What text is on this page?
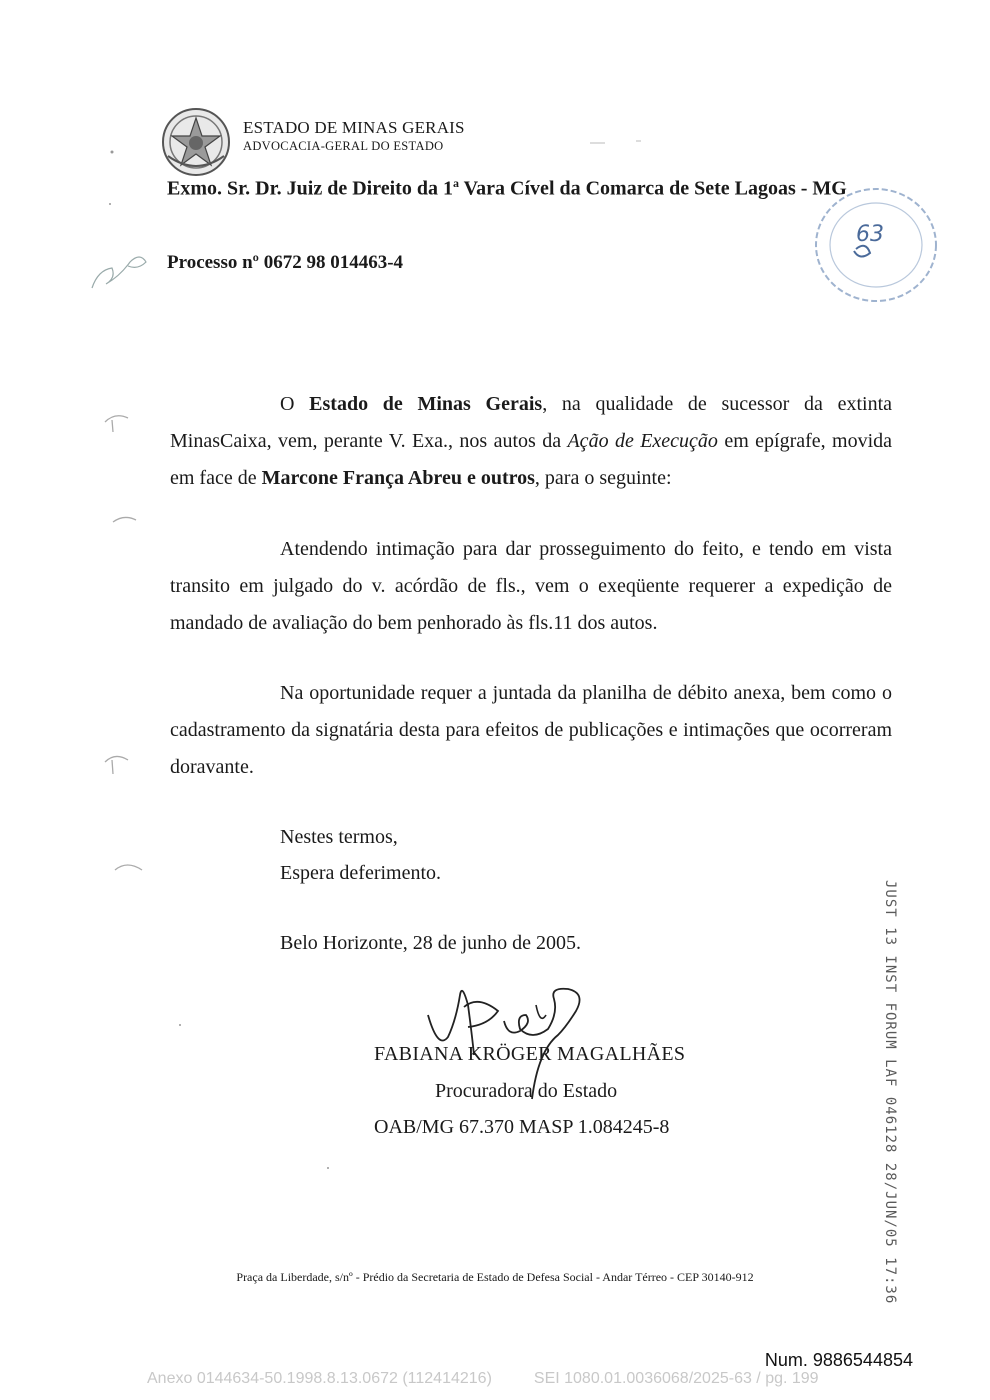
ESTADO DE MINAS GERAIS
ADVOCACIA-GERAL DO ESTADO
Exmo. Sr. Dr. Juiz de Direito da 1$^a$ Vara Cível da Comarca de Sete Lagoas - MG
Processo nº 0672 98 014463-4
63
O Estado de Minas Gerais, na qualidade de sucessor da extinta MinasCaixa, vem, perante V. Exa., nos autos da Ação de Execução em epígrafe, movida em face de Marcone França Abreu e outros, para o seguinte:
Atendendo intimação para dar prosseguimento do feito, e tendo em vista transito em julgado do v. acórdão de fls., vem o exeqüente requerer a expedição de mandado de avaliação do bem penhorado às fls.11 dos autos.
Na oportunidade requer a juntada da planilha de débito anexa, bem como o cadastramento da signatária desta para efeitos de publicações e intimações que ocorreram doravante.
Nestes termos,
Espera deferimento.
Belo Horizonte, 28 de junho de 2005.
FABIANA KRÖGER MAGALHÃES
Procuradora do Estado
OAB/MG 67.370 MASP 1.084245-8	JUST 13 INST FORUM LAF 046128 28/JUN/05 17:36
Praça da Liberdade, s/nº - Prédio da Secretaria de Estado de Defesa Social - Andar Térreo - CEP 30140-912
Num. 9886544854
Anexo 0144634-50.1998.8.13.0672 (112414216)	SEI 1080.01.0036068/2025-63 / pg. 199
